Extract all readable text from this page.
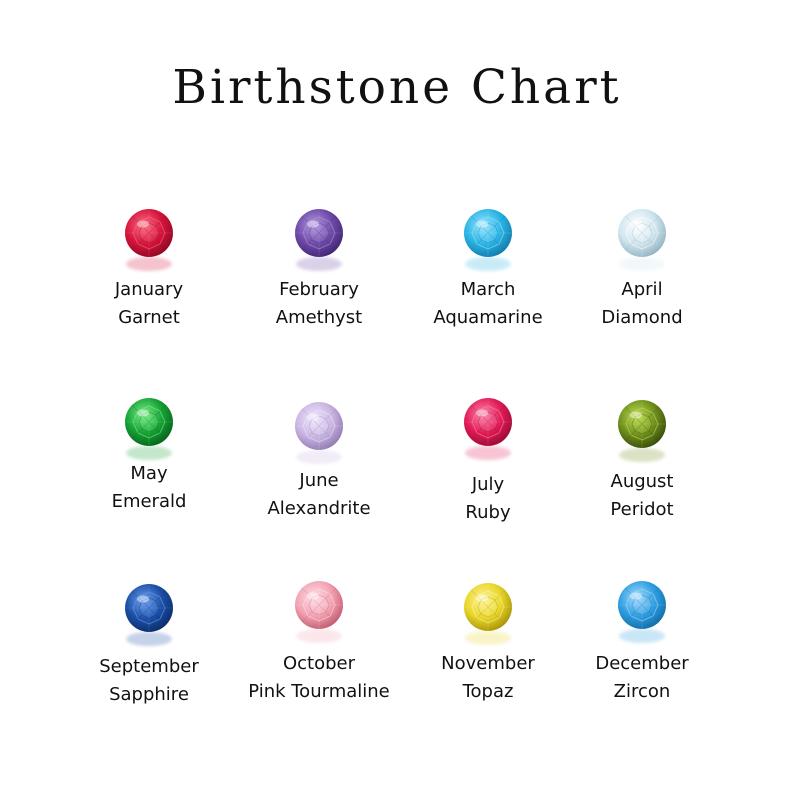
Birthstone Chart
January
Garnet
February
Amethyst
March
Aquamarine
April
Diamond
May
Emerald
June
Alexandrite
July
Ruby
August
Peridot
September
Sapphire
October
Pink Tourmaline
November
Topaz
December
Zircon
